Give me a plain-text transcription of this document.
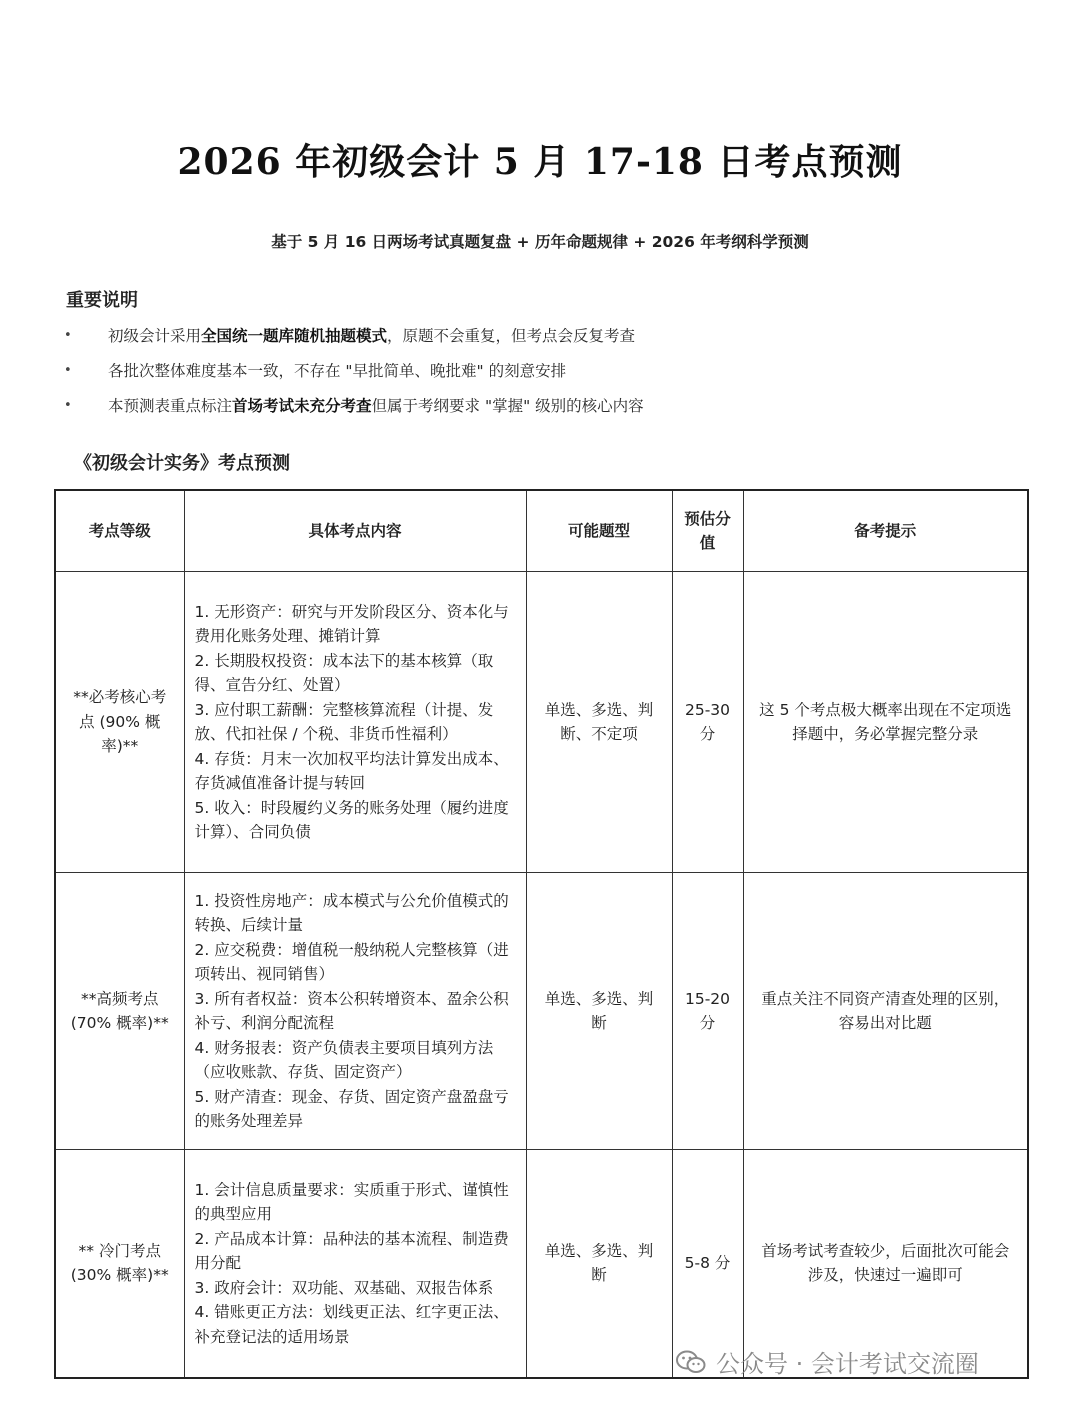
2026 年初级会计 5 月 17-18 日考点预测
基于 5 月 16 日两场考试真题复盘 + 历年命题规律 + 2026 年考纲科学预测
重要说明
• 初级会计采用全国统一题库随机抽题模式，原题不会重复，但考点会反复考查
• 各批次整体难度基本一致，不存在 "早批简单、晚批难" 的刻意安排
• 本预测表重点标注首场考试未充分考查但属于考纲要求 "掌握" 级别的核心内容
《初级会计实务》考点预测
考点等级	具体考点内容	可能题型	预估分值	备考提示
**必考核心考点 (90% 概率)**	1. 无形资产：研究与开发阶段区分、资本化与费用化账务处理、摊销计算
2. 长期股权投资：成本法下的基本核算（取得、宣告分红、处置）
3. 应付职工薪酬：完整核算流程（计提、发放、代扣社保 / 个税、非货币性福利）
4. 存货：月末一次加权平均法计算发出成本、存货减值准备计提与转回
5. 收入：时段履约义务的账务处理（履约进度计算）、合同负债	单选、多选、判断、不定项	25-30 分	这 5 个考点极大概率出现在不定项选择题中，务必掌握完整分录
**高频考点 (70% 概率)**	1. 投资性房地产：成本模式与公允价值模式的转换、后续计量
2. 应交税费：增值税一般纳税人完整核算（进项转出、视同销售）
3. 所有者权益：资本公积转增资本、盈余公积补亏、利润分配流程
4. 财务报表：资产负债表主要项目填列方法（应收账款、存货、固定资产）
5. 财产清查：现金、存货、固定资产盘盈盘亏的账务处理差异	单选、多选、判断	15-20 分	重点关注不同资产清查处理的区别，容易出对比题
** 冷门考点 (30% 概率)**	1. 会计信息质量要求：实质重于形式、谨慎性的典型应用
2. 产品成本计算：品种法的基本流程、制造费用分配
3. 政府会计：双功能、双基础、双报告体系
4. 错账更正方法：划线更正法、红字更正法、补充登记法的适用场景	单选、多选、判断	5-8 分	首场考试考查较少，后面批次可能会涉及，快速过一遍即可
公众号 · 会计考试交流圈
